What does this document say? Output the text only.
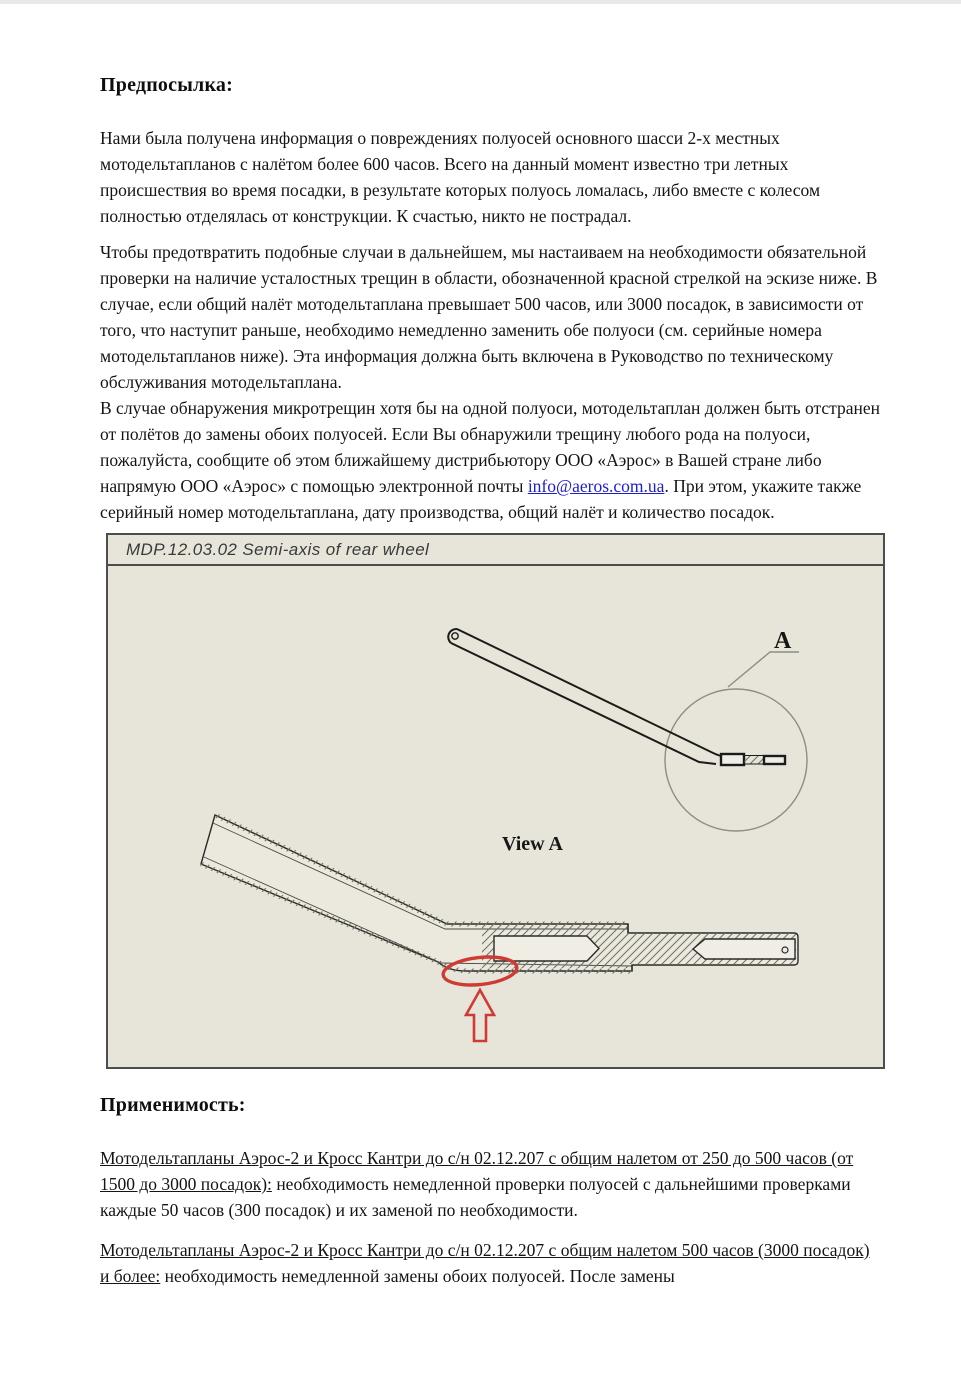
Предпосылка:

Нами была получена информация о повреждениях полуосей основного шасси 2-х местных мотодельтапланов с налётом более 600 часов. Всего на данный момент известно три летных происшествия во время посадки, в результате которых полуось ломалась, либо вместе с колесом полностью отделялась от конструкции. К счастью, никто не пострадал.

Чтобы предотвратить подобные случаи в дальнейшем, мы настаиваем на необходимости обязательной проверки на наличие усталостных трещин в области, обозначенной красной стрелкой на эскизе ниже. В случае, если общий налёт мотодельтаплана превышает 500 часов, или 3000 посадок, в зависимости от того, что наступит раньше, необходимо немедленно заменить обе полуоси (см. серийные номера мотодельтапланов ниже). Эта информация должна быть включена в Руководство по техническому обслуживания мотодельтаплана.

В случае обнаружения микротрещин хотя бы на одной полуоси, мотодельтаплан должен быть отстранен от полётов до замены обоих полуосей. Если Вы обнаружили трещину любого рода на полуоси, пожалуйста, сообщите об этом ближайшему дистрибьютору ООО «Аэрос» в Вашей стране либо напрямую ООО «Аэрос» с помощью электронной почты info@aeros.com.ua. При этом, укажите также серийный номер мотодельтаплана, дату производства, общий налёт и количество посадок.

MDP.12.03.02 Semi-axis of rear wheel
A
View A
Применимость:

Мотодельтапланы Аэрос-2 и Кросс Кантри до с/н 02.12.207 с общим налетом от 250 до 500 часов (от 1500 до 3000 посадок): необходимость немедленной проверки полуосей с дальнейшими проверками каждые 50 часов (300 посадок) и их заменой по необходимости.

Мотодельтапланы Аэрос-2 и Кросс Кантри до с/н 02.12.207 с общим налетом 500 часов (3000 посадок) и более: необходимость немедленной замены обоих полуосей. После замены
